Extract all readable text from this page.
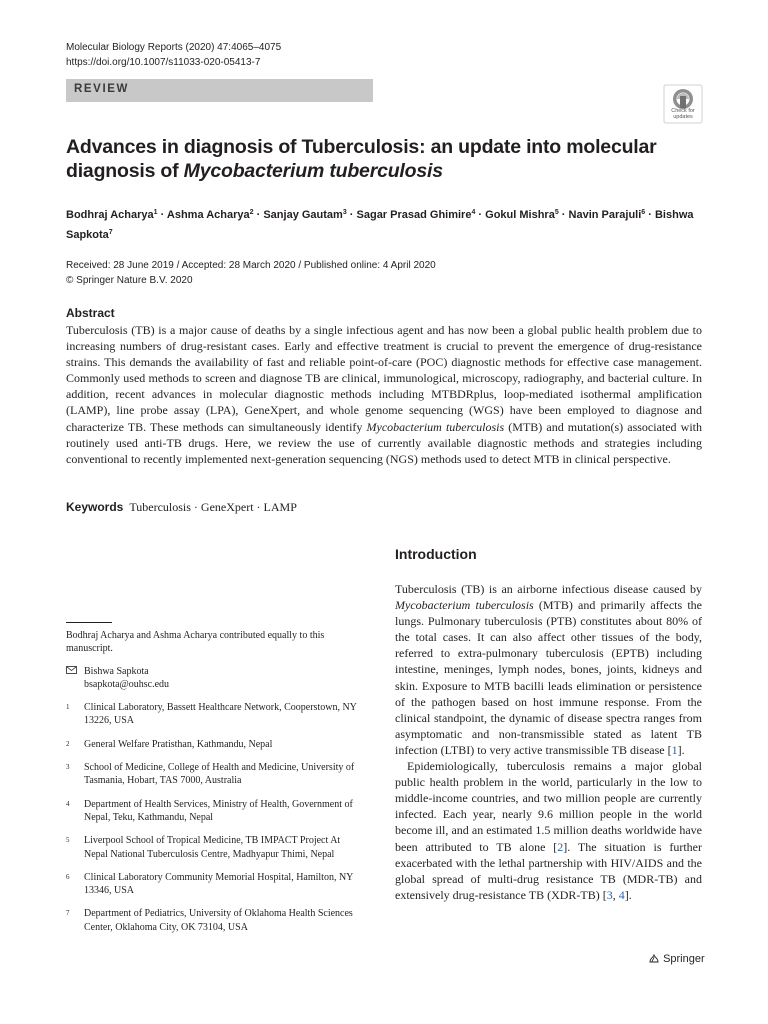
Molecular Biology Reports (2020) 47:4065–4075
https://doi.org/10.1007/s11033-020-05413-7
REVIEW
Check for
updates
Advances in diagnosis of Tuberculosis: an update into molecular diagnosis of Mycobacterium tuberculosis
Bodhraj Acharya$^1$ · Ashma Acharya$^2$ · Sanjay Gautam$^3$ · Sagar Prasad Ghimire$^4$ · Gokul Mishra$^5$ · Navin Parajuli$^6$ · Bishwa Sapkota$^7$
Received: 28 June 2019 / Accepted: 28 March 2020 / Published online: 4 April 2020
© Springer Nature B.V. 2020
Abstract
Tuberculosis (TB) is a major cause of deaths by a single infectious agent and has now been a global public health problem due to increasing numbers of drug-resistant cases. Early and effective treatment is crucial to prevent the emergence of drug-resistance strains. This demands the availability of fast and reliable point-of-care (POC) diagnostic methods for effective case management. Commonly used methods to screen and diagnose TB are clinical, immunological, microscopy, radiography, and bacterial culture. In addition, recent advances in molecular diagnostic methods including MTBDRplus, loop-mediated isothermal amplification (LAMP), line probe assay (LPA), GeneXpert, and whole genome sequencing (WGS) have been employed to diagnose and characterize TB. These methods can simultaneously identify Mycobacterium tuberculosis (MTB) and mutation(s) associated with routinely used anti-TB drugs. Here, we review the use of currently available diagnostic methods and strategies including conventional to recently implemented next-generation sequencing (NGS) methods used to detect MTB in clinical perspective.
Keywords Tuberculosis · GeneXpert · LAMP
Bodhraj Acharya and Ashma Acharya contributed equally to this manuscript.
Bishwa Sapkota
bsapkota@ouhsc.edu
1	Clinical Laboratory, Bassett Healthcare Network, Cooperstown, NY 13226, USA
2	General Welfare Pratisthan, Kathmandu, Nepal
3	School of Medicine, College of Health and Medicine, University of Tasmania, Hobart, TAS 7000, Australia
4	Department of Health Services, Ministry of Health, Government of Nepal, Teku, Kathmandu, Nepal
5	Liverpool School of Tropical Medicine, TB IMPACT Project At Nepal National Tuberculosis Centre, Madhyapur Thimi, Nepal
6	Clinical Laboratory Community Memorial Hospital, Hamilton, NY 13346, USA
7	Department of Pediatrics, University of Oklahoma Health Sciences Center, Oklahoma City, OK 73104, USA
Introduction

Tuberculosis (TB) is an airborne infectious disease caused by Mycobacterium tuberculosis (MTB) and primarily affects the lungs. Pulmonary tuberculosis (PTB) constitutes about 80% of the total cases. It can also affect other tissues of the body, referred to extra-pulmonary tuberculosis (EPTB) including intestine, meninges, lymph nodes, bones, joints, kidneys and skin. Exposure to MTB bacilli leads elimination or persistence of the pathogen based on host immune response. From the clinical standpoint, the dynamic of disease spectra ranges from asymptomatic and non-transmissible stated as latent TB infection (LTBI) to very active transmissible TB disease [1].

Epidemiologically, tuberculosis remains a major global public health problem in the world, particularly in the low to middle-income countries, and two million people are currently infected. Each year, nearly 9.6 million people in the world become ill, and an estimated 1.5 million deaths worldwide have been attributed to TB alone [2]. The situation is further exacerbated with the lethal partnership with HIV/AIDS and the global spread of multi-drug resistance TB (MDR-TB) and extensively drug-resistance TB (XDR-TB) [3, 4].

Springer
